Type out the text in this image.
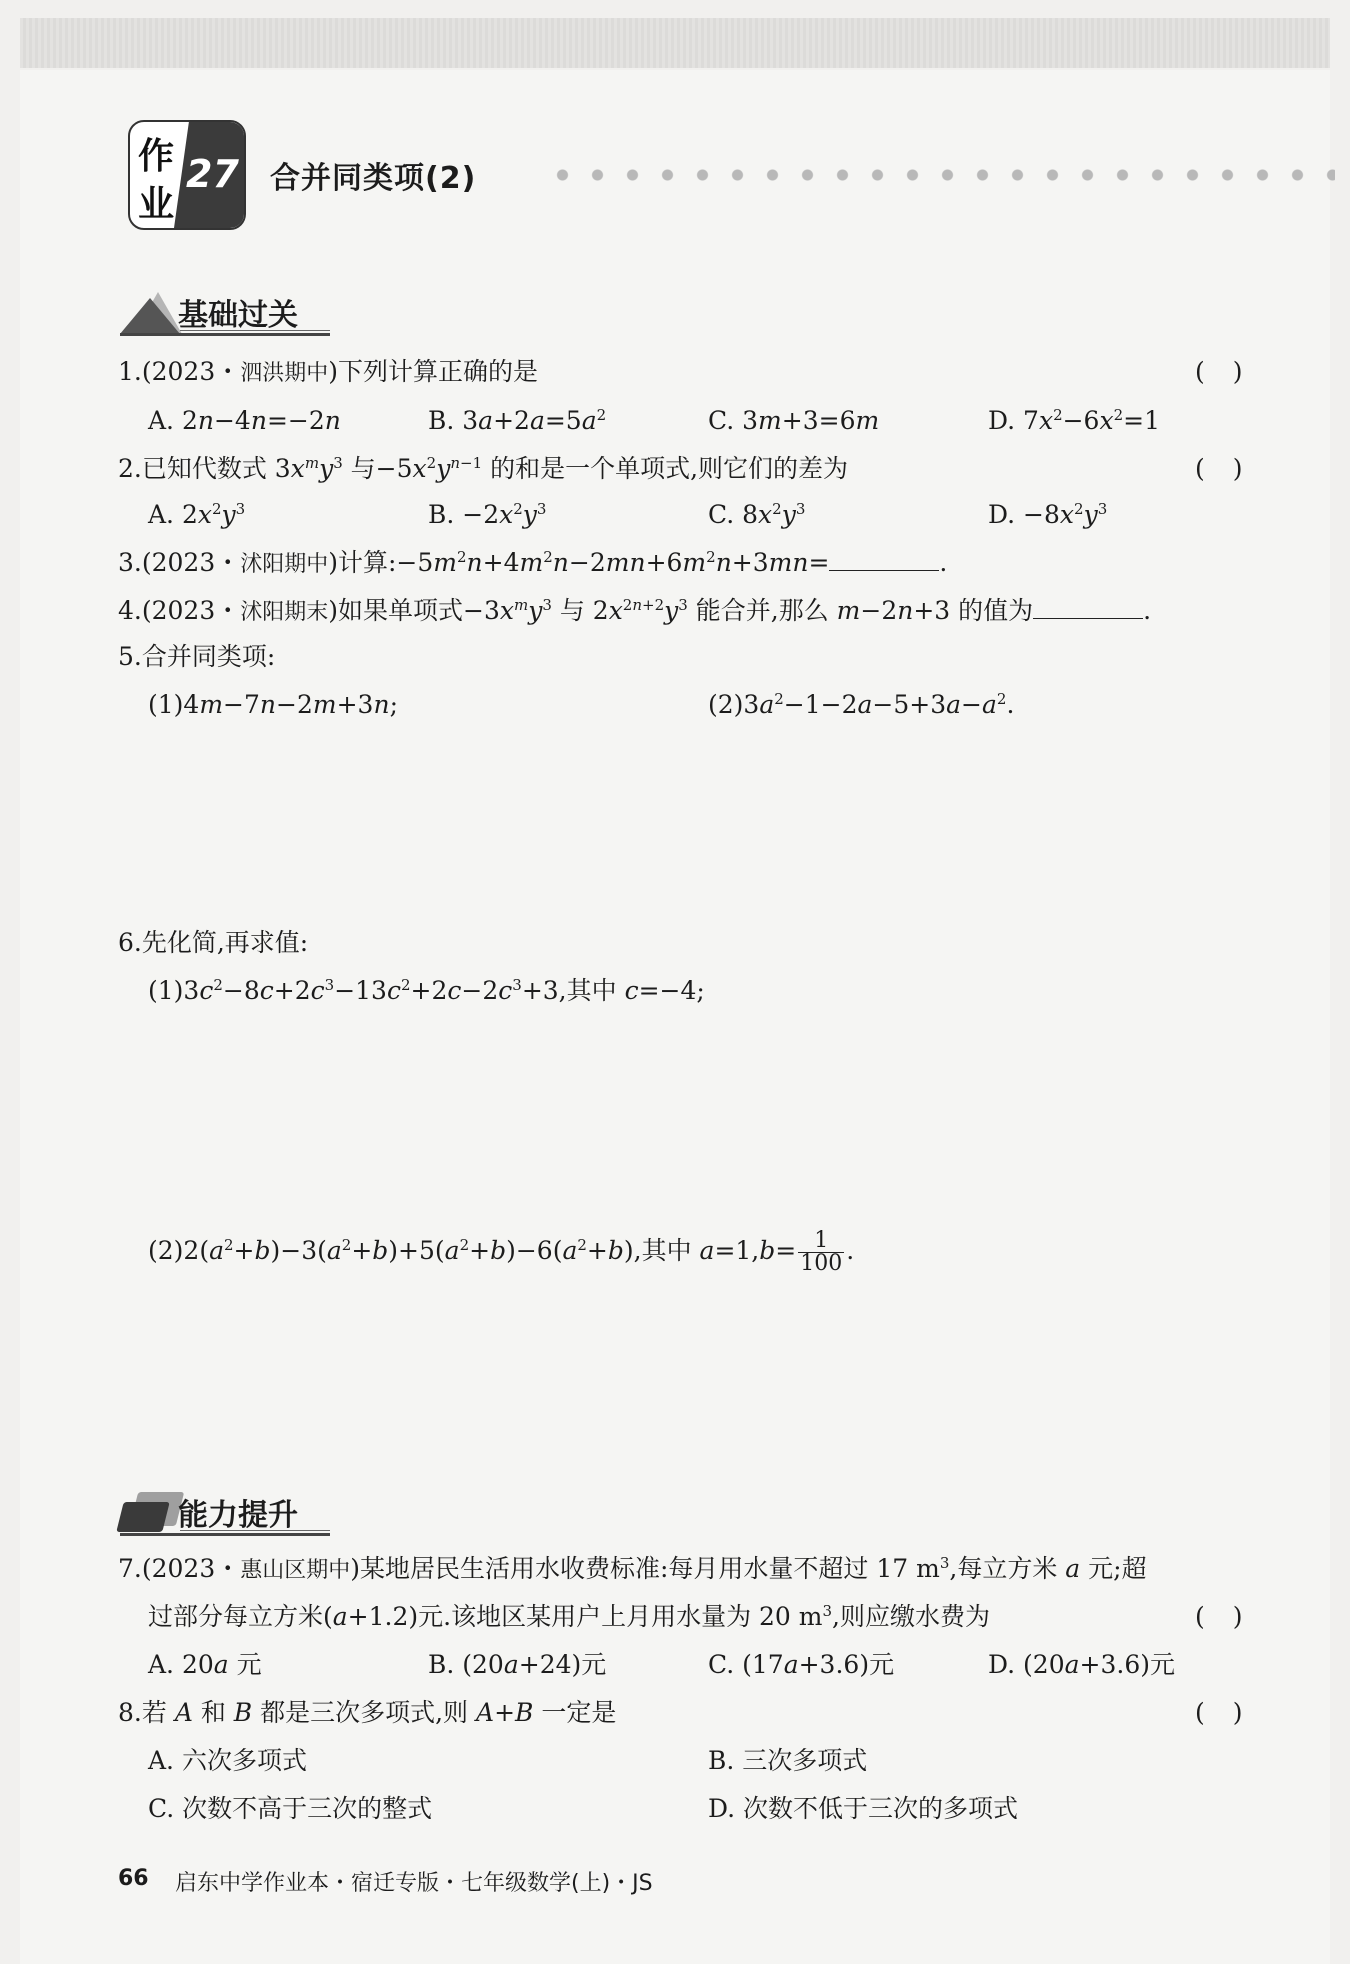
作
业
27 合并同类项(2)
基础过关
1.(2023・泗洪期中)下列计算正确的是	( )
A. 2n−4n=−2n	B. $3a+2a=5a^2$	C. 3m+3=6m	D. $7x^2-6x^2=1$
2.已知代数式 $3x^my^3$ 与$-5x^2y^{n-1}$ 的和是一个单项式,则它们的差为	( )
A. $2x^2y^3$	B. $-2x^2y^3$	C. $8x^2y^3$	D. $-8x^2y^3$
3.(2023・沭阳期中)计算$:-5m^2n+4m^2n-2mn+6m^2n+3mn=$	.
4.(2023・沭阳期末)如果单项式$-3x^my^3$ 与 $2x^{2n+2}y^3$ 能合并,那么 m−2n+3 的值为	.
5.合并同类项:
(1)4m−7n−2m+3n;	$(2)3a^2-1-2a-5+3a-a^2$.
6.先化简,再求值:
$(1)3c^2-8c+2c^3-13c^2+2c-2c^3+3$,其中 c=−4;
$(2)2(a^2+b)-3(a^2+b)+5(a^2+b)-6(a^2+b)$,其中 $a=1,b= \frac{1}{100}$ .
能力提升
7.(2023・惠山区期中)某地居民生活用水收费标准:每月用水量不超过 17 $m^3$,每立方米 a 元;超
过部分每立方米(a+1.2)元.该地区某用户上月用水量为 20 $m^3$,则应缴水费为	( )
A. 20a 元	B. (20a+24)元	C. (17a+3.6)元	D. (20a+3.6)元
8.若 A 和 B 都是三次多项式,则 A+B 一定是	( )
A. 六次多项式	B. 三次多项式
C. 次数不高于三次的整式	D. 次数不低于三次的多项式
66 启东中学作业本・宿迁专版・七年级数学(上)・JS
